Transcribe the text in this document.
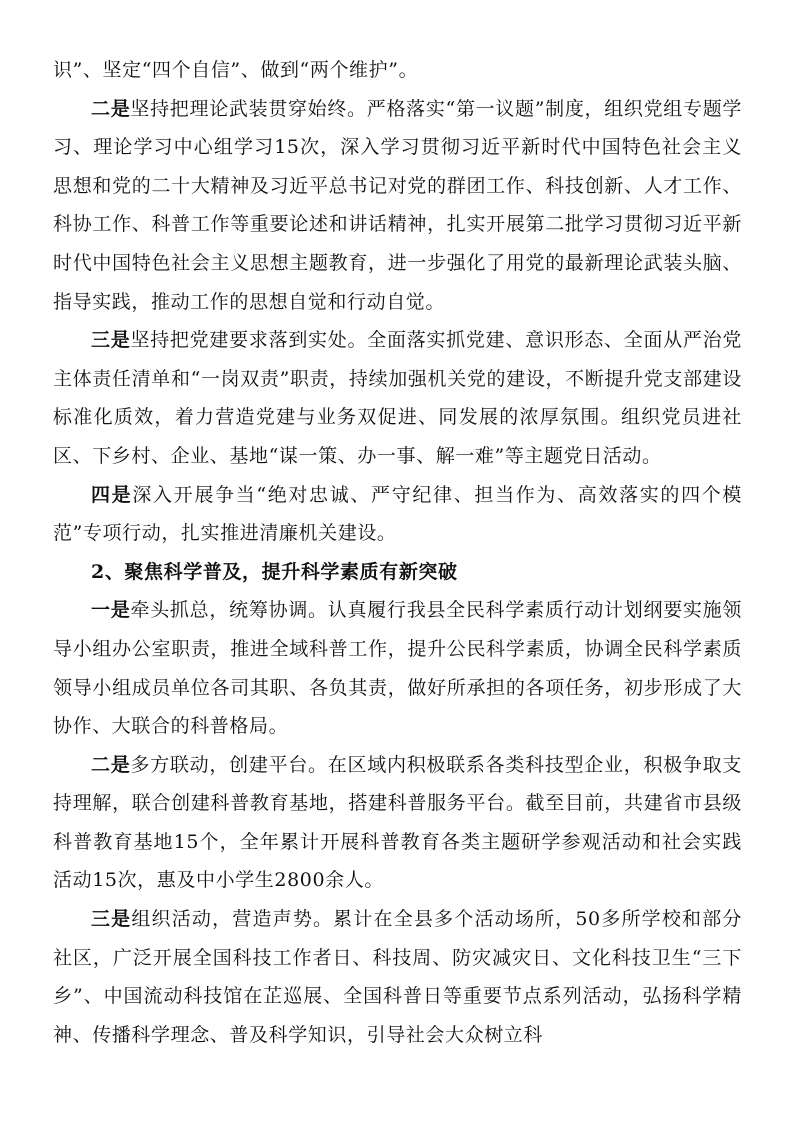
识”、坚定“四个自信”、做到“两个维护”。

二是坚持把理论武装贯穿始终。严格落实“第一议题”制度，组织党组专题学习、理论学习中心组学习15次，深入学习贯彻习近平新时代中国特色社会主义思想和党的二十大精神及习近平总书记对党的群团工作、科技创新、人才工作、科协工作、科普工作等重要论述和讲话精神，扎实开展第二批学习贯彻习近平新时代中国特色社会主义思想主题教育，进一步强化了用党的最新理论武装头脑、指导实践，推动工作的思想自觉和行动自觉。

三是坚持把党建要求落到实处。全面落实抓党建、意识形态、全面从严治党主体责任清单和“一岗双责”职责，持续加强机关党的建设，不断提升党支部建设标准化质效，着力营造党建与业务双促进、同发展的浓厚氛围。组织党员进社区、下乡村、企业、基地“谋一策、办一事、解一难”等主题党日活动。

四是深入开展争当“绝对忠诚、严守纪律、担当作为、高效落实的四个模范”专项行动，扎实推进清廉机关建设。

2、聚焦科学普及，提升科学素质有新突破

一是牵头抓总，统筹协调。认真履行我县全民科学素质行动计划纲要实施领导小组办公室职责，推进全域科普工作，提升公民科学素质，协调全民科学素质领导小组成员单位各司其职、各负其责，做好所承担的各项任务，初步形成了大协作、大联合的科普格局。

二是多方联动，创建平台。在区域内积极联系各类科技型企业，积极争取支持理解，联合创建科普教育基地，搭建科普服务平台。截至目前，共建省市县级科普教育基地15个，全年累计开展科普教育各类主题研学参观活动和社会实践活动15次，惠及中小学生2800余人。

三是组织活动，营造声势。累计在全县多个活动场所，50多所学校和部分社区，广泛开展全国科技工作者日、科技周、防灾减灾日、文化科技卫生“三下乡”、中国流动科技馆在芷巡展、全国科普日等重要节点系列活动，弘扬科学精神、传播科学理念、普及科学知识，引导社会大众树立科
